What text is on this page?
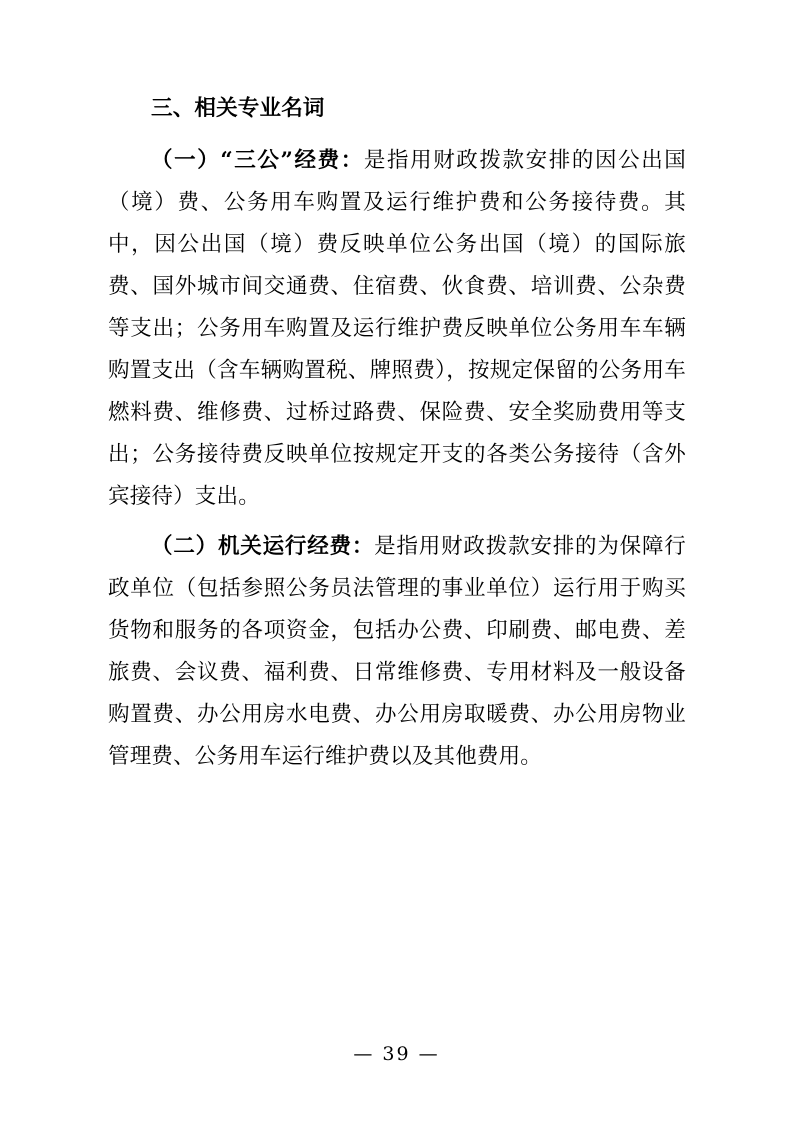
三、相关专业名词

（一）“三公”经费：是指用财政拨款安排的因公出国（境）费、公务用车购置及运行维护费和公务接待费。其中，因公出国（境）费反映单位公务出国（境）的国际旅费、国外城市间交通费、住宿费、伙食费、培训费、公杂费等支出；公务用车购置及运行维护费反映单位公务用车车辆购置支出（含车辆购置税、牌照费），按规定保留的公务用车燃料费、维修费、过桥过路费、保险费、安全奖励费用等支出；公务接待费反映单位按规定开支的各类公务接待（含外宾接待）支出。

（二）机关运行经费：是指用财政拨款安排的为保障行政单位（包括参照公务员法管理的事业单位）运行用于购买货物和服务的各项资金，包括办公费、印刷费、邮电费、差旅费、会议费、福利费、日常维修费、专用材料及一般设备购置费、办公用房水电费、办公用房取暖费、办公用房物业管理费、公务用车运行维护费以及其他费用。

— 39 —
